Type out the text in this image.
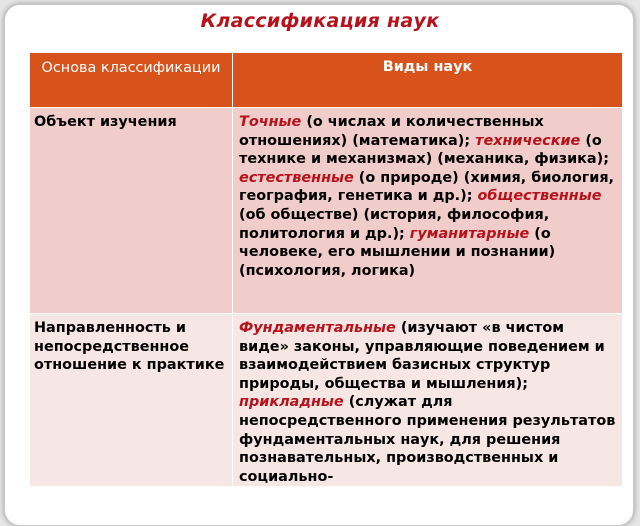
Классификация наук
Основа классификации	Виды наук
Объект изучения	Точные (о числах и количественных отношениях) (математика); технические (о технике и механизмах) (механика, физика); естественные (о природе) (химия, биология, география, генетика и др.); общественные (об обществе) (история, философия, политология и др.); гуманитарные (о человеке, его мышлении и познании) (психология, логика)
Направленность и непосредственное отношение к практике	Фундаментальные (изучают «в чистом виде» законы, управляющие поведением и взаимодействием базисных структур природы, общества и мышления); прикладные (служат для непосредственного применения результатов фундаментальных наук, для решения познавательных, производственных и социально-
